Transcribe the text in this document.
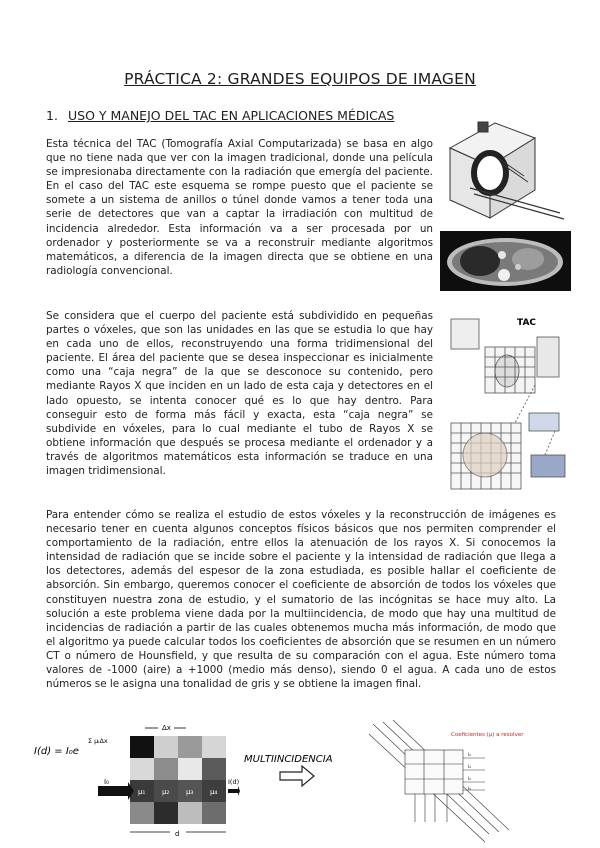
PRÁCTICA 2: GRANDES EQUIPOS DE IMAGEN
1. USO Y MANEJO DEL TAC EN APLICACIONES MÉDICAS

Esta técnica del TAC (Tomografía Axial Computarizada) se basa en algo que no tiene nada que ver con la imagen tradicional, donde una película se impresionaba directamente con la radiación que emergía del paciente. En el caso del TAC este esquema se rompe puesto que el paciente se somete a un sistema de anillos o túnel donde vamos a tener toda una serie de detectores que van a captar la irradiación con multitud de incidencia alrededor. Esta información va a ser procesada por un ordenador y posteriormente se va a reconstruir mediante algoritmos matemáticos, a diferencia de la imagen directa que se obtiene en una radiología convencional.

Se considera que el cuerpo del paciente está subdividido en pequeñas partes o vóxeles, que son las unidades en las que se estudia lo que hay en cada uno de ellos, reconstruyendo una forma tridimensional del paciente. El área del paciente que se desea inspeccionar es inicialmente como una “caja negra” de la que se desconoce su contenido, pero mediante Rayos X que inciden en un lado de esta caja y detectores en el lado opuesto, se intenta conocer qué es lo que hay dentro. Para conseguir esto de forma más fácil y exacta, esta “caja negra” se subdivide en vóxeles, para lo cual mediante el tubo de Rayos X se obtiene información que después se procesa mediante el ordenador y a través de algoritmos matemáticos esta información se traduce en una imagen tridimensional.

Para entender cómo se realiza el estudio de estos vóxeles y la reconstrucción de imágenes es necesario tener en cuenta algunos conceptos físicos básicos que nos permiten comprender el comportamiento de la radiación, entre ellos la atenuación de los rayos X. Si conocemos la intensidad de radiación que se incide sobre el paciente y la intensidad de radiación que llega a los detectores, además del espesor de la zona estudiada, es posible hallar el coeficiente de absorción. Sin embargo, queremos conocer el coeficiente de absorción de todos los vóxeles que constituyen nuestra zona de estudio, y el sumatorio de las incógnitas se hace muy alto. La solución a este problema viene dada por la multiincidencia, de modo que hay una multitud de incidencias de radiación a partir de las cuales obtenemos mucha más información, de modo que el algoritmo ya puede calcular todos los coeficientes de absorción que se resumen en un número CT o número de Hounsfield, y que resulta de su comparación con el agua. Este número toma valores de -1000 (aire) a +1000 (medio más denso), siendo 0 el agua. A cada uno de estos números se le asigna una tonalidad de gris y se obtiene la imagen final.

TAC
I(d) = I₀e
Σ μᵢΔx
Δx
μ₁ μ₂ μ₃ μ₄
I₀	I(d)
d
MULTIINCIDENCIA
Coeficientes (μ) a resolver
I₀
I₀
I₀
I₀
